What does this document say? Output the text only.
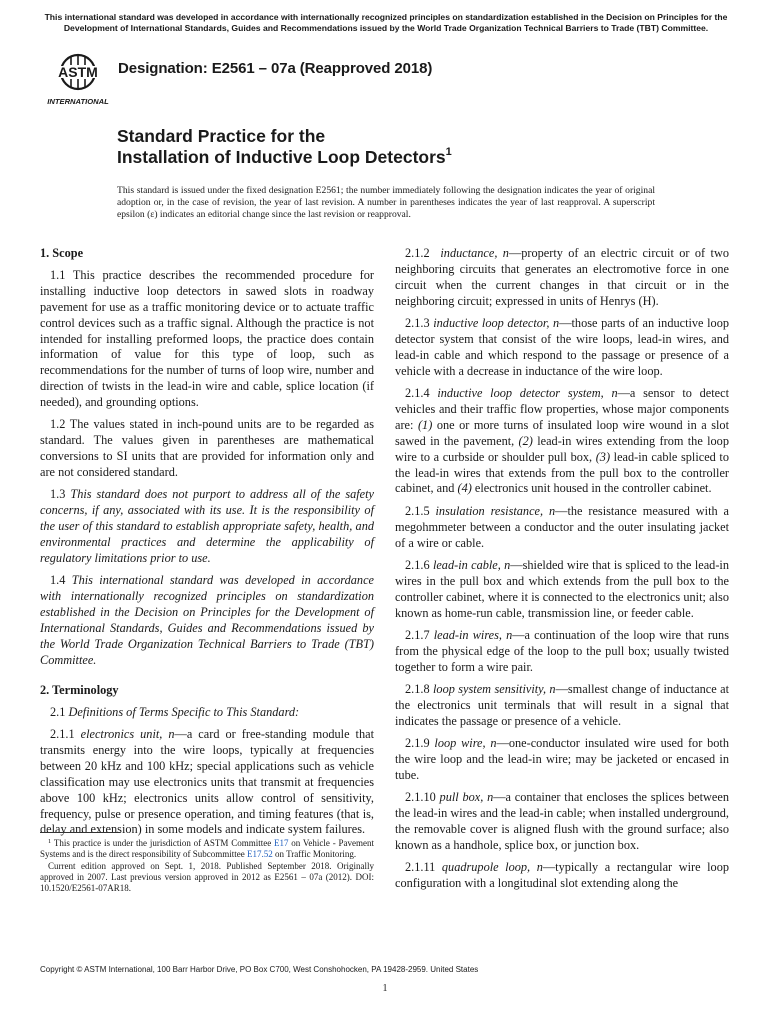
This international standard was developed in accordance with internationally recognized principles on standardization established in the Decision on Principles for the Development of International Standards, Guides and Recommendations issued by the World Trade Organization Technical Barriers to Trade (TBT) Committee.
ASTM
INTERNATIONAL
Designation: E2561 – 07a (Reapproved 2018)
Standard Practice for the
Installation of Inductive Loop Detectors$^1$
This standard is issued under the fixed designation E2561; the number immediately following the designation indicates the year of original adoption or, in the case of revision, the year of last revision. A number in parentheses indicates the year of last reapproval. A superscript epsilon (ε) indicates an editorial change since the last revision or reapproval.
1. Scope

1.1 This practice describes the recommended procedure for installing inductive loop detectors in sawed slots in roadway pavement for use as a traffic monitoring device or to actuate traffic control devices such as a traffic signal. Although the practice is not intended for installing preformed loops, the practice does contain information of value for this type of loop, such as recommendations for the number of turns of loop wire, number and direction of twists in the lead-in wire and cable, splice location (if needed), and grounding options.

1.2 The values stated in inch-pound units are to be regarded as standard. The values given in parentheses are mathematical conversions to SI units that are provided for information only and are not considered standard.

1.3 This standard does not purport to address all of the safety concerns, if any, associated with its use. It is the responsibility of the user of this standard to establish appropriate safety, health, and environmental practices and determine the applicability of regulatory limitations prior to use.

1.4 This international standard was developed in accordance with internationally recognized principles on standardization established in the Decision on Principles for the Development of International Standards, Guides and Recommendations issued by the World Trade Organization Technical Barriers to Trade (TBT) Committee.

2. Terminology

2.1 Definitions of Terms Specific to This Standard:

2.1.1 electronics unit, n—a card or free-standing module that transmits energy into the wire loops, typically at frequencies between 20 kHz and 100 kHz; special applications such as vehicle classification may use electronics units that transmit at frequencies above 100 kHz; electronics units allow control of sensitivity, frequency, pulse or presence operation, and timing features (that is, delay and extension) in some models and indicate system failures.

2.1.2 inductance, n—property of an electric circuit or of two neighboring circuits that generates an electromotive force in one circuit when the current changes in that circuit or in the neighboring circuit; expressed in units of Henrys (H).

2.1.3 inductive loop detector, n—those parts of an inductive loop detector system that consist of the wire loops, lead-in wires, and lead-in cable and which respond to the passage or presence of a vehicle with a decrease in inductance of the wire loop.

2.1.4 inductive loop detector system, n—a sensor to detect vehicles and their traffic flow properties, whose major components are: (1) one or more turns of insulated loop wire wound in a slot sawed in the pavement, (2) lead-in wires extending from the loop wire to a curbside or shoulder pull box, (3) lead-in cable spliced to the lead-in wires that extends from the pull box to the controller cabinet, and (4) electronics unit housed in the controller cabinet.

2.1.5 insulation resistance, n—the resistance measured with a megohmmeter between a conductor and the outer insulating jacket of a wire or cable.

2.1.6 lead-in cable, n—shielded wire that is spliced to the lead-in wires in the pull box and which extends from the pull box to the controller cabinet, where it is connected to the electronics unit; also known as home-run cable, transmission line, or feeder cable.

2.1.7 lead-in wires, n—a continuation of the loop wire that runs from the physical edge of the loop to the pull box; usually twisted together to form a wire pair.

2.1.8 loop system sensitivity, n—smallest change of inductance at the electronics unit terminals that will result in a signal that indicates the passage or presence of a vehicle.

2.1.9 loop wire, n—one-conductor insulated wire used for both the wire loop and the lead-in wire; may be jacketed or encased in tube.

2.1.10 pull box, n—a container that encloses the splices between the lead-in wires and the lead-in cable; when installed underground, the removable cover is aligned flush with the ground surface; also known as a handhole, splice box, or junction box.

2.1.11 quadrupole loop, n—typically a rectangular wire loop configuration with a longitudinal slot extending along the

$^1$ This practice is under the jurisdiction of ASTM Committee E17 on Vehicle - Pavement Systems and is the direct responsibility of Subcommittee E17.52 on Traffic Monitoring.

Current edition approved on Sept. 1, 2018. Published September 2018. Originally approved in 2007. Last previous version approved in 2012 as E2561 – 07a (2012). DOI: 10.1520/E2561-07AR18.

Copyright © ASTM International, 100 Barr Harbor Drive, PO Box C700, West Conshohocken, PA 19428-2959. United States
1
